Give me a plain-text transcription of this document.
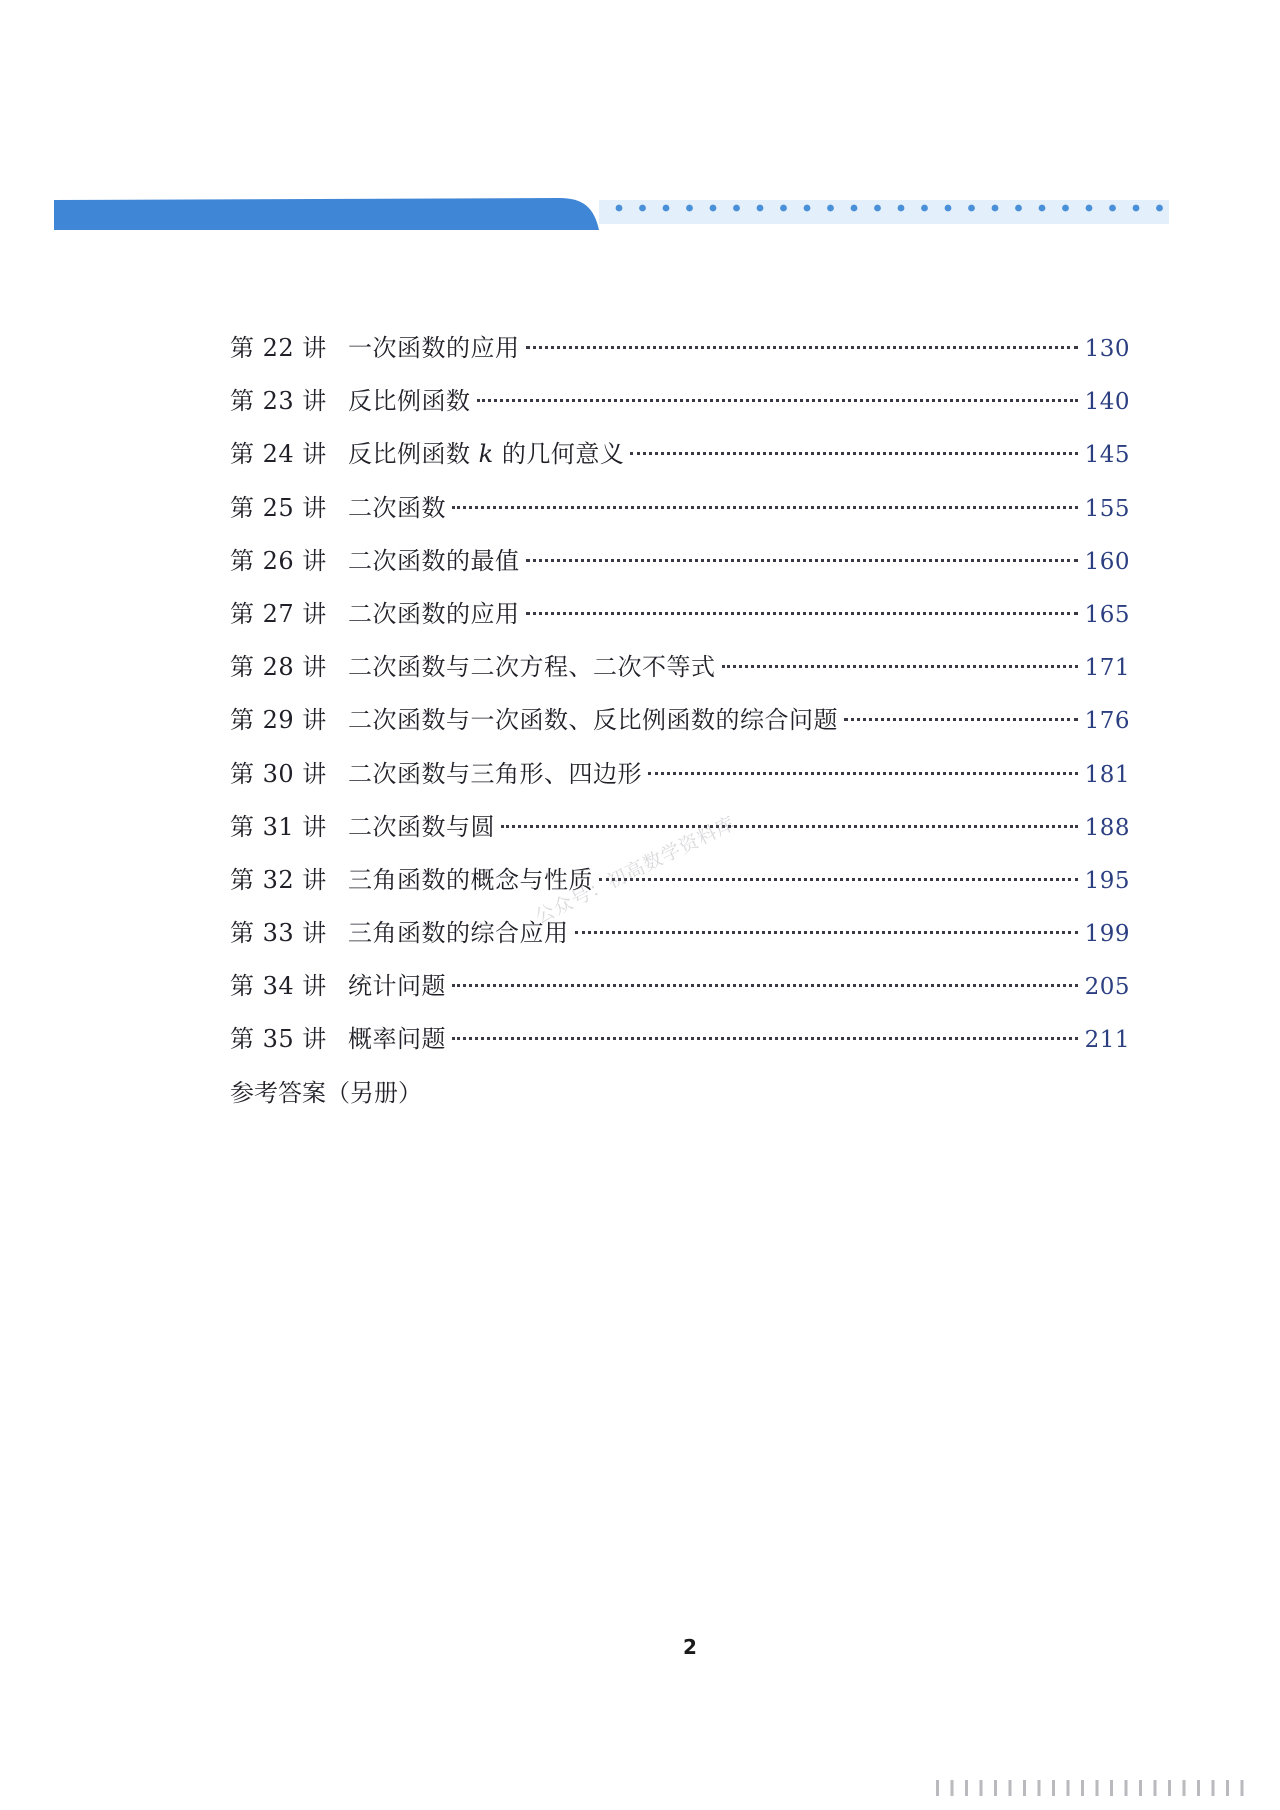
第 22 讲 一次函数的应用	130
第 23 讲 反比例函数	140
第 24 讲 反比例函数 k 的几何意义	145
第 25 讲 二次函数	155
第 26 讲 二次函数的最值	160
第 27 讲 二次函数的应用	165
第 28 讲 二次函数与二次方程、二次不等式	171
第 29 讲 二次函数与一次函数、反比例函数的综合问题	176
第 30 讲 二次函数与三角形、四边形	181
第 31 讲 二次函数与圆	188
第 32 讲 三角函数的概念与性质	195
第 33 讲 三角函数的综合应用	199
第 34 讲 统计问题	205
第 35 讲 概率问题	211
参考答案（另册）
公众号：初高数学资料库
2
